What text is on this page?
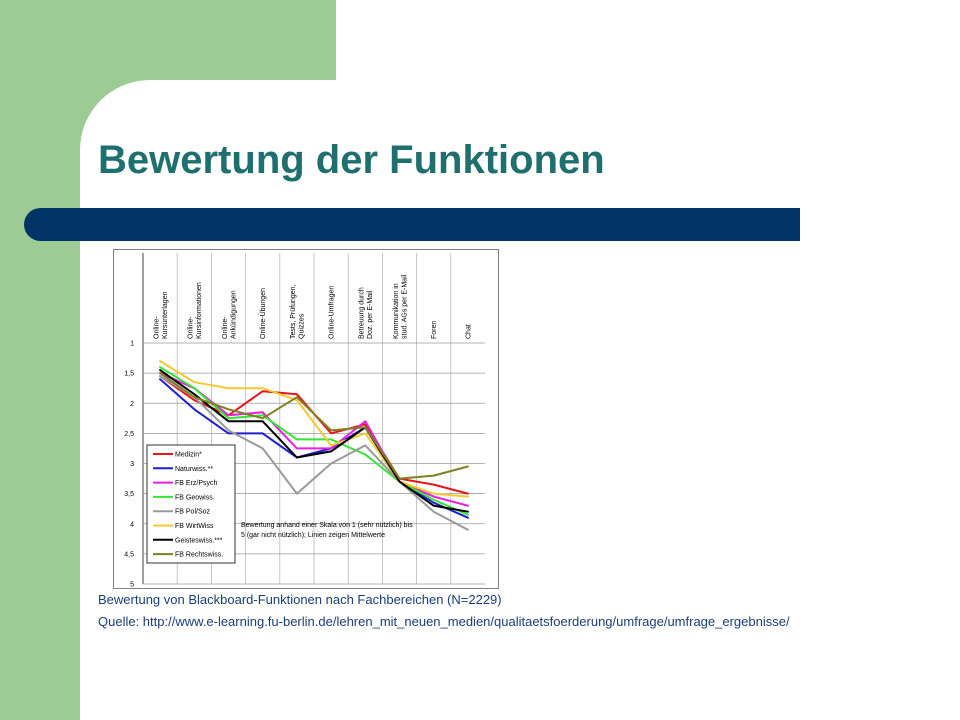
Bewertung der Funktionen
1
1,5
2
2,5
3
3,5
4
4,5
5
Online- Kursunterlagen	Online- Kursinformationen	Online- Ankündigungen	Online-Übungen	Tests, Prüfungen, Quizzes	Online-Umfragen	Betreuung durch Doz. per E-Mail	Kommunikation in stud. AGs per E-Mail	Foren	Chat
Medizin*
Naturwiss.**
FB Erz/Psych
FB Geowiss.
FB Pol/Soz
FB WirtWiss
Geisteswiss.***
FB Rechtswiss.
Bewertung anhand einer Skala von 1 (sehr nützlich) bis
5 (gar nicht nützlich); Linien zeigen Mittelwerte
Bewertung von Blackboard-Funktionen nach Fachbereichen (N=2229)
Quelle: http://www.e-learning.fu-berlin.de/lehren_mit_neuen_medien/qualitaetsfoerderung/umfrage/umfrage_ergebnisse/
